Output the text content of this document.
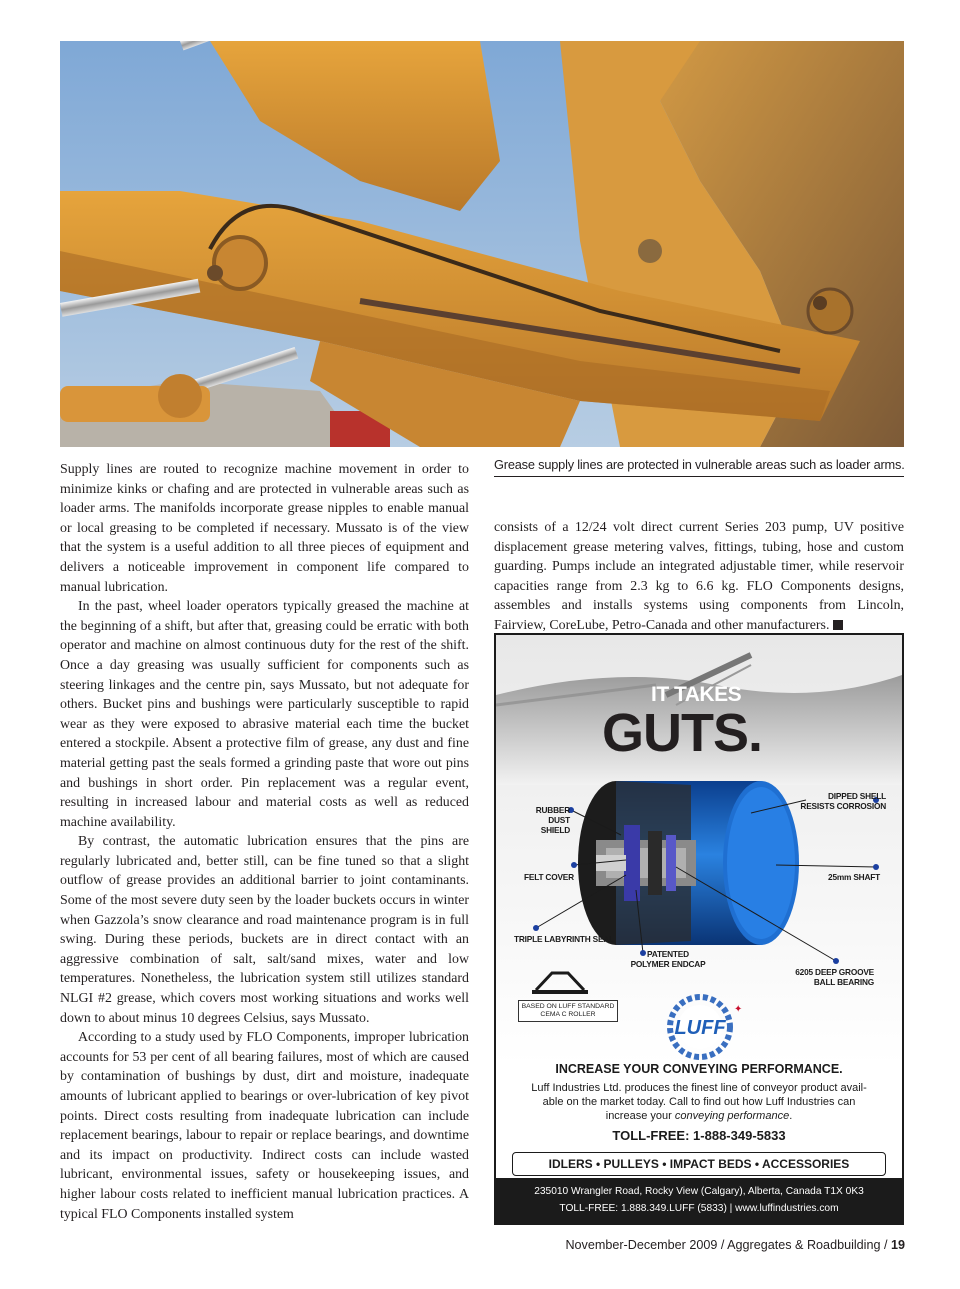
Grease supply lines are protected in vulnerable areas such as loader arms.

Supply lines are routed to recognize machine movement in order to minimize kinks or chafing and are protected in vulnerable areas such as loader arms. The manifolds incorporate grease nipples to enable manual or local greasing to be completed if necessary. Mussato is of the view that the system is a useful addition to all three pieces of equipment and delivers a noticeable improvement in component life compared to manual lubrication.

In the past, wheel loader operators typically greased the machine at the beginning of a shift, but after that, greasing could be erratic with both operator and machine on almost continuous duty for the rest of the shift. Once a day greasing was usually sufficient for components such as steering linkages and the centre pin, says Mussato, but not adequate for others. Bucket pins and bushings were particularly susceptible to rapid wear as they were exposed to abrasive material each time the bucket entered a stockpile. Absent a protective film of grease, any dust and fine material getting past the seals formed a grinding paste that wore out pins and bushings in short order. Pin replacement was a regular event, resulting in increased labour and material costs as well as reduced machine availability.

By contrast, the automatic lubrication ensures that the pins are regularly lubricated and, better still, can be fine tuned so that a slight outflow of grease provides an additional barrier to joint contaminants. Some of the most severe duty seen by the loader buckets occurs in winter when Gazzola’s snow clearance and road maintenance program is in full swing. During these periods, buckets are in direct contact with an aggressive combination of salt, salt/sand mixes, water and low temperatures. Nonetheless, the lubrication system still utilizes standard NLGI #2 grease, which covers most working situations and works well down to about minus 10 degrees Celsius, says Mussato.

According to a study used by FLO Components, improper lubrication accounts for 53 per cent of all bearing failures, most of which are caused by contamination of bushings by dust, dirt and moisture, inadequate amounts of lubricant applied to bearings or over-lubrication of key pivot points. Direct costs resulting from inadequate lubrication can include replacement bearings, labour to repair or replace bearings, and downtime and its impact on productivity. Indirect costs can include wasted lubricant, environmental issues, safety or housekeeping issues, and higher labour costs related to inefficient manual lubrication practices. A typical FLO Components installed system

consists of a 12/24 volt direct current Series 203 pump, UV positive displacement grease metering valves, fittings, tubing, hose and custom guarding. Pumps include an integrated adjustable timer, while reservoir capacities range from 2.3 kg to 6.6 kg. FLO Components designs, assembles and installs systems using components from Lincoln, Fairview, CoreLube, Petro-Canada and other manufacturers.

LUFF
✦
IT TAKES
GUTS.
RUBBER DUST
SHIELD
DIPPED SHELL
RESISTS CORROSION
FELT COVER	25mm SHAFT
TRIPLE LABYRINTH SEAL
PATENTED
POLYMER ENDCAP
6205 DEEP GROOVE
BALL BEARING
BASED ON LUFF STANDARD
CEMA C ROLLER
INCREASE YOUR CONVEYING PERFORMANCE.
Luff Industries Ltd. produces the finest line of conveyor product avail-
able on the market today. Call to find out how Luff Industries can
increase your conveying performance.
TOLL-FREE: 1-888-349-5833
IDLERS • PULLEYS • IMPACT BEDS • ACCESSORIES
235010 Wrangler Road, Rocky View (Calgary), Alberta, Canada T1X 0K3
TOLL-FREE: 1.888.349.LUFF (5833) | www.luffindustries.com
November-December 2009 / Aggregates & Roadbuilding / 19
